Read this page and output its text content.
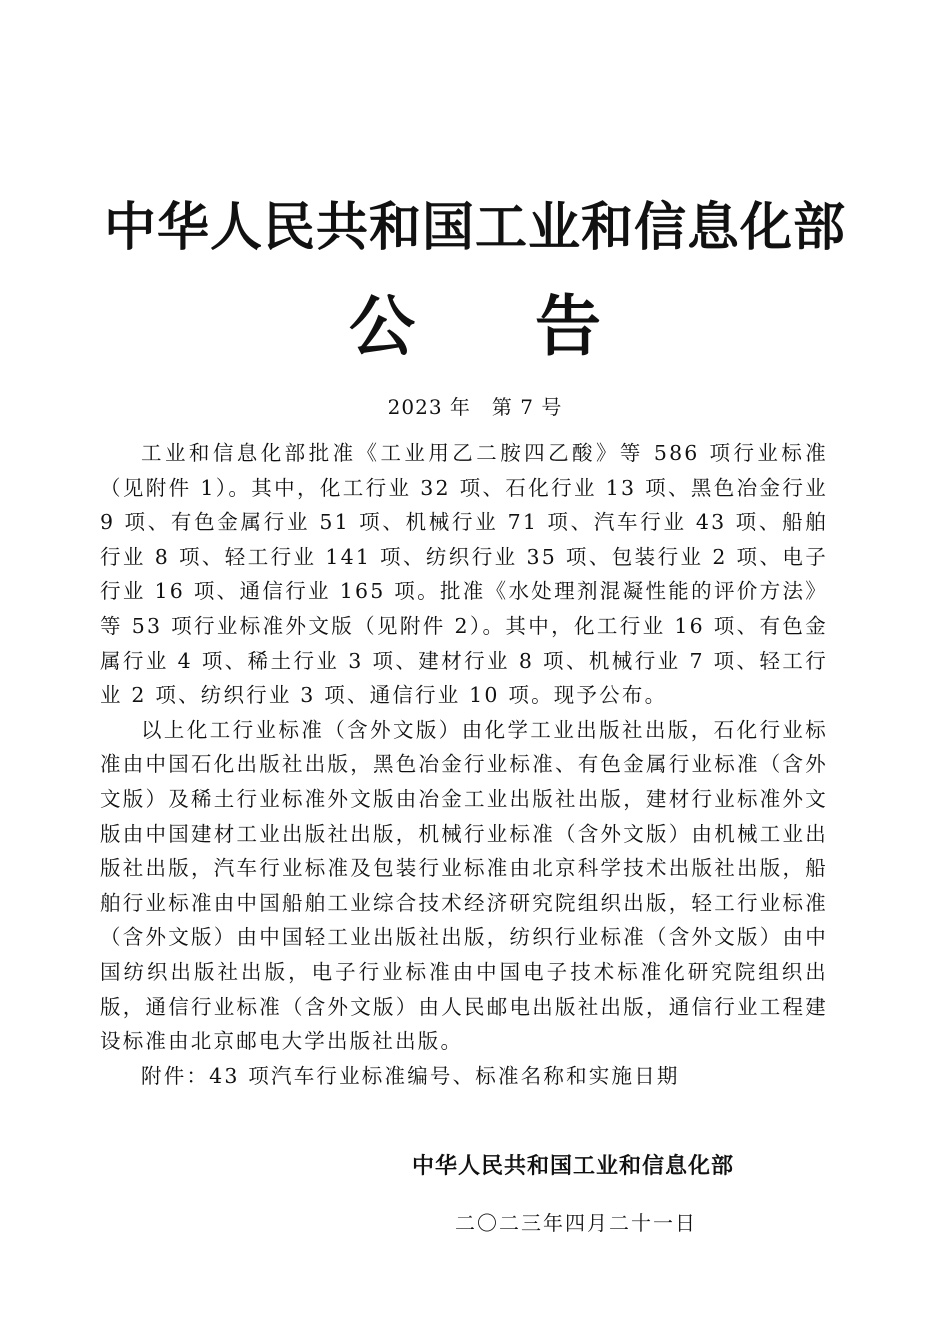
中华人民共和国工业和信息化部
公告
2023 年　第 7 号

工业和信息化部批准《工业用乙二胺四乙酸》等 586 项行业标准（见附件 1）。其中，化工行业 32 项、石化行业 13 项、黑色冶金行业 9 项、有色金属行业 51 项、机械行业 71 项、汽车行业 43 项、船舶行业 8 项、轻工行业 141 项、纺织行业 35 项、包装行业 2 项、电子行业 16 项、通信行业 165 项。批准《水处理剂混凝性能的评价方法》等 53 项行业标准外文版（见附件 2）。其中，化工行业 16 项、有色金属行业 4 项、稀土行业 3 项、建材行业 8 项、机械行业 7 项、轻工行业 2 项、纺织行业 3 项、通信行业 10 项。现予公布。

以上化工行业标准（含外文版）由化学工业出版社出版，石化行业标准由中国石化出版社出版，黑色冶金行业标准、有色金属行业标准（含外文版）及稀土行业标准外文版由冶金工业出版社出版，建材行业标准外文版由中国建材工业出版社出版，机械行业标准（含外文版）由机械工业出版社出版，汽车行业标准及包装行业标准由北京科学技术出版社出版，船舶行业标准由中国船舶工业综合技术经济研究院组织出版，轻工行业标准（含外文版）由中国轻工业出版社出版，纺织行业标准（含外文版）由中国纺织出版社出版，电子行业标准由中国电子技术标准化研究院组织出版，通信行业标准（含外文版）由人民邮电出版社出版，通信行业工程建设标准由北京邮电大学出版社出版。

附件：43 项汽车行业标准编号、标准名称和实施日期

中华人民共和国工业和信息化部
二〇二三年四月二十一日
